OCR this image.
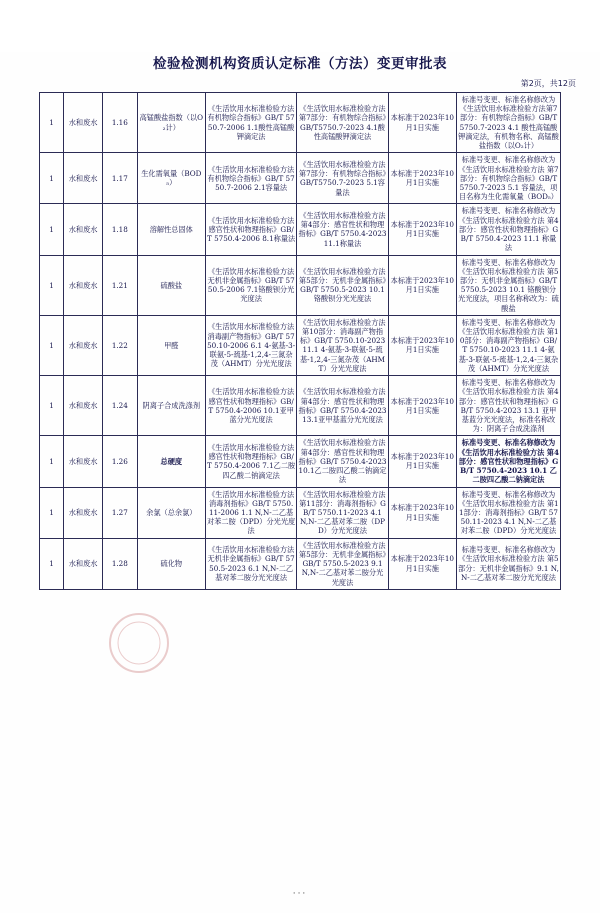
检验检测机构资质认定标准（方法）变更审批表
第2页，共12页
1	水和废水	1.16	高锰酸盐指数（以O₂计）	《生活饮用水标准检验方法 有机物综合指标》GB/T 5750.7-2006 1.1酸性高锰酸钾滴定法	《生活饮用水标准检验方法 第7部分：有机物综合指标》GB/T5750.7-2023 4.1酸性高锰酸钾滴定法	本标准于2023年10月1日实施	标准号变更、标准名称修改为《生活饮用水标准检验方法第7部分：有机物综合指标》GB/T5750.7-2023 4.1 酸性高锰酸钾滴定法，有机物名称、高锰酸盐指数（以O₂计）
1	水和废水	1.17	生化需氧量（BOD₅）	《生活饮用水标准检验方法 有机物综合指标》GB/T 5750.7-2006 2.1容量法	《生活饮用水标准检验方法 第7部分：有机物综合指标》GB/T5750.7-2023 5.1容量法	本标准于2023年10月1日实施	标准号变更、标准名称修改为《生活饮用水标准检验方法 第7部分：有机物综合指标》GB/T5750.7-2023 5.1 容量法，项目名称为生化需氧量（BOD₅）
1	水和废水	1.18	溶解性总固体	《生活饮用水标准检验方法 感官性状和物理指标》GB/T 5750.4-2006 8.1称量法	《生活饮用水标准检验方法 第4部分：感官性状和物理指标》GB/T 5750.4-2023 11.1称量法	本标准于2023年10月1日实施	标准号变更、标准名称修改为《生活饮用水标准检验方法 第4部分：感官性状和物理指标》GB/T 5750.4-2023 11.1 称量法
1	水和废水	1.21	硫酸盐	《生活饮用水标准检验方法 无机非金属指标》GB/T 5750.5-2006 7.1铬酸钡分光光度法	《生活饮用水标准检验方法 第5部分：无机非金属指标》GB/T 5750.5-2023 10.1铬酸钡分光光度法	本标准于2023年10月1日实施	标准号变更、标准名称修改为《生活饮用水标准检验方法 第5部分：无机非金属指标》GB/T5750.5-2023 10.1 铬酸钡分光光度法，项目名称称改为：硫酸盐
1	水和废水	1.22	甲醛	《生活饮用水标准检验方法 消毒副产物指标》GB/T 5750.10-2006 6.1 4-氨基-3-联氨-5-巯基-1,2,4-三氮杂茂（AHMT）分光光度法	《生活饮用水标准检验方法 第10部分：消毒副产物指标》GB/T 5750.10-2023 11.1 4-氨基-3-联氨-5-巯基-1,2,4-三氮杂茂（AHMT）分光光度法	本标准于2023年10月1日实施	标准号变更、标准名称修改为《生活饮用水标准检验方法 第10部分：消毒副产物指标》GB/T 5750.10-2023 11.1 4-氨基-3-联氨-5-巯基-1,2,4-三氮杂茂（AHMT）分光光度法
1	水和废水	1.24	阴离子合成洗涤剂	《生活饮用水标准检验方法 感官性状和物理指标》GB/T 5750.4-2006 10.1亚甲蓝分光光度法	《生活饮用水标准检验方法 第4部分：感官性状和物理指标》GB/T 5750.4-2023 13.1亚甲基蓝分光光度法	本标准于2023年10月1日实施	标准号变更、标准名称修改为《生活饮用水标准检验方法 第4部分：感官性状和物理指标》GB/T 5750.4-2023 13.1 亚甲基蓝分光光度法，标准名称改为：阴离子合成洗涤剂
1	水和废水	1.26	总硬度	《生活饮用水标准检验方法 感官性状和物理指标》GB/T 5750.4-2006 7.1乙二胺四乙酸二钠滴定法	《生活饮用水标准检验方法 第4部分：感官性状和物理指标》GB/T 5750.4-2023 10.1乙二胺四乙酸二钠滴定法	本标准于2023年10月1日实施	标准号变更、标准名称修改为《生活饮用水标准检验方法 第4部分：感官性状和物理指标》GB/T 5750.4-2023 10.1 乙二胺四乙酸二钠滴定法
1	水和废水	1.27	余氯（总余氯）	《生活饮用水标准检验方法 消毒剂指标》GB/T 5750.11-2006 1.1 N,N-二乙基对苯二胺（DPD）分光光度法	《生活饮用水标准检验方法 第11部分：消毒剂指标》GB/T 5750.11-2023 4.1 N,N-二乙基对苯二胺（DPD）分光光度法	本标准于2023年10月1日实施	标准号变更、标准名称修改为《生活饮用水标准检验方法 第11部分：消毒剂指标》GB/T 5750.11-2023 4.1 N,N-二乙基对苯二胺（DPD）分光光度法
1	水和废水	1.28	硫化物	《生活饮用水标准检验方法 无机非金属指标》GB/T 5750.5-2023 6.1 N,N-二乙基对苯二胺分光光度法	《生活饮用水标准检验方法 第5部分：无机非金属指标》GB/T 5750.5-2023 9.1 N,N-二乙基对苯二胺分光光度法	本标准于2023年10月1日实施	标准号变更、标准名称修改为《生活饮用水标准检验方法 第5部分：无机非金属指标》9.1 N,N-二乙基对苯二胺分光光度法
···
